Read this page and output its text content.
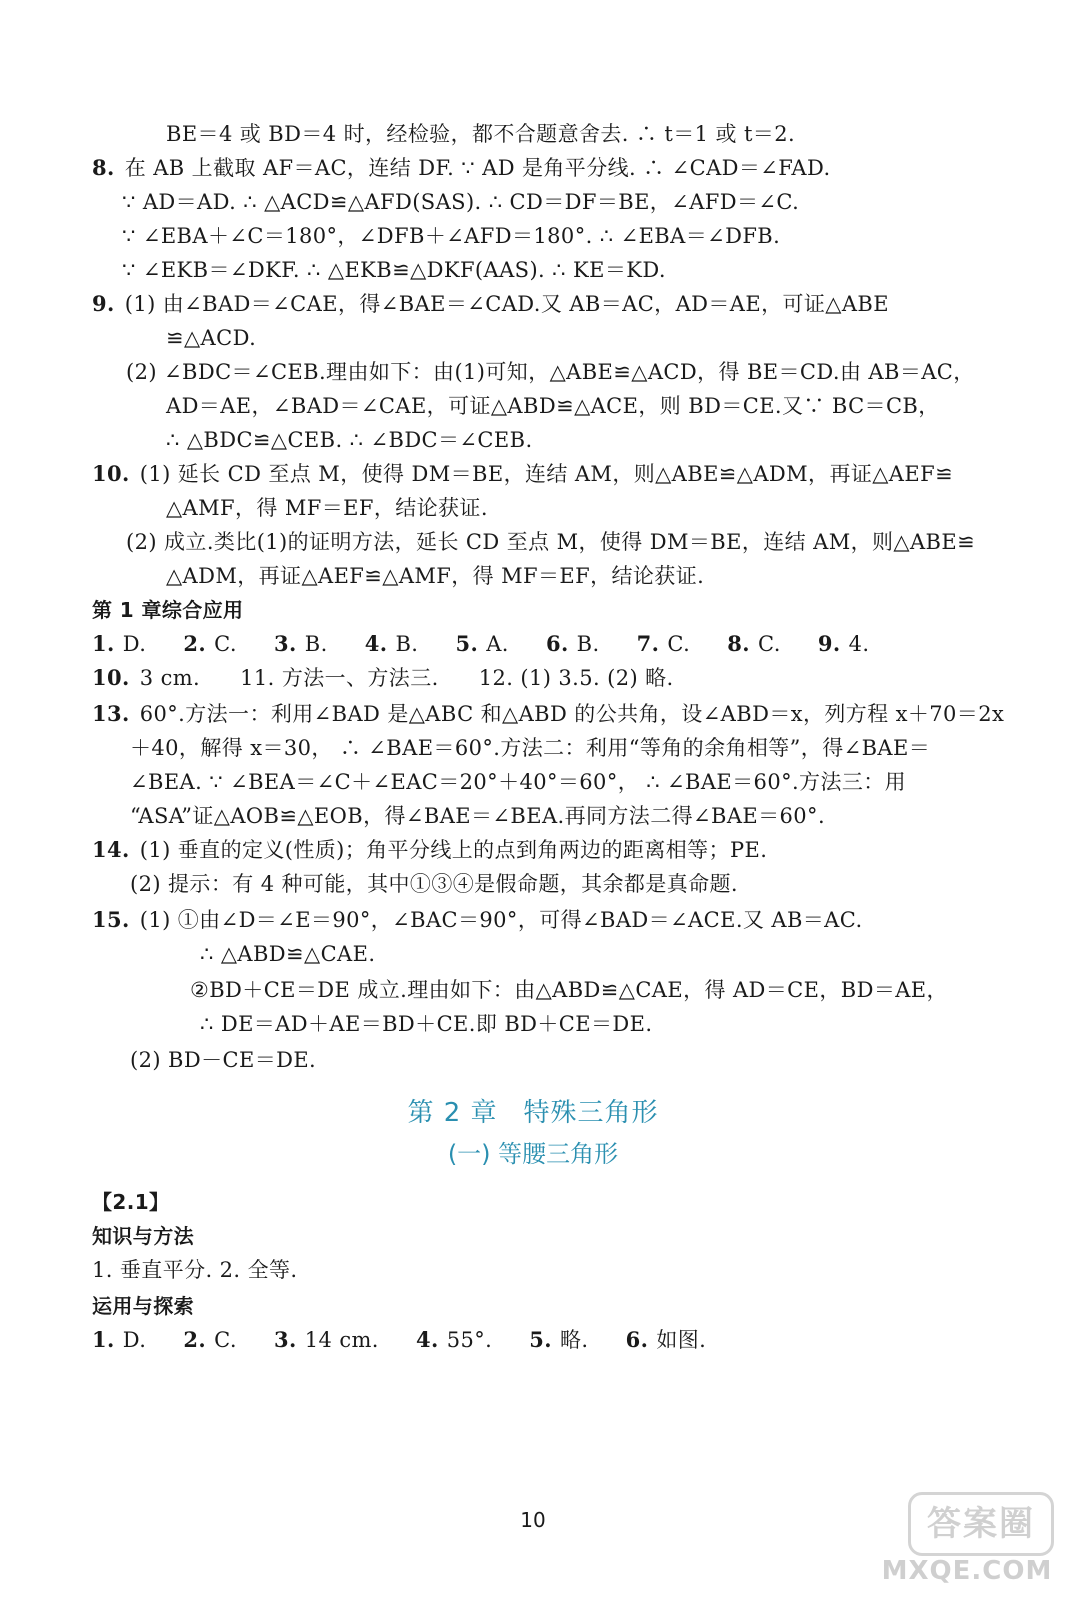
BE＝4 或 BD＝4 时，经检验，都不合题意舍去. ∴ t＝1 或 t＝2.
8. 在 AB 上截取 AF＝AC，连结 DF. ∵ AD 是角平分线. ∴ ∠CAD＝∠FAD.
∵ AD＝AD. ∴ △ACD≌△AFD(SAS). ∴ CD＝DF＝BE，∠AFD＝∠C.
∵ ∠EBA＋∠C＝180°，∠DFB＋∠AFD＝180°. ∴ ∠EBA＝∠DFB.
∵ ∠EKB＝∠DKF. ∴ △EKB≌△DKF(AAS). ∴ KE＝KD.
9. (1) 由∠BAD＝∠CAE，得∠BAE＝∠CAD.又 AB＝AC，AD＝AE，可证△ABE
≌△ACD.
(2) ∠BDC＝∠CEB.理由如下：由(1)可知，△ABE≌△ACD，得 BE＝CD.由 AB＝AC，
AD＝AE，∠BAD＝∠CAE，可证△ABD≌△ACE，则 BD＝CE.又∵ BC＝CB，
∴ △BDC≌△CEB. ∴ ∠BDC＝∠CEB.
10. (1) 延长 CD 至点 M，使得 DM＝BE，连结 AM，则△ABE≌△ADM，再证△AEF≌
△AMF，得 MF＝EF，结论获证.
(2) 成立.类比(1)的证明方法，延长 CD 至点 M，使得 DM＝BE，连结 AM，则△ABE≌
△ADM，再证△AEF≌△AMF，得 MF＝EF，结论获证.
第 1 章综合应用
1. D. 2. C. 3. B. 4. B. 5. A. 6. B. 7. C. 8. C. 9. 4.
10. 3 cm. 11. 方法一、方法三. 12. (1) 3.5. (2) 略.
13. 60°.方法一：利用∠BAD 是△ABC 和△ABD 的公共角，设∠ABD＝x，列方程 x＋70＝2x
＋40，解得 x＝30， ∴ ∠BAE＝60°.方法二：利用“等角的余角相等”，得∠BAE＝
∠BEA. ∵ ∠BEA＝∠C＋∠EAC＝20°＋40°＝60°， ∴ ∠BAE＝60°.方法三：用
“ASA”证△AOB≌△EOB，得∠BAE＝∠BEA.再同方法二得∠BAE＝60°.
14. (1) 垂直的定义(性质)；角平分线上的点到角两边的距离相等；PE.
(2) 提示：有 4 种可能，其中①③④是假命题，其余都是真命题.
15. (1) ①由∠D＝∠E＝90°，∠BAC＝90°，可得∠BAD＝∠ACE.又 AB＝AC.
∴ △ABD≌△CAE.
②BD＋CE＝DE 成立.理由如下：由△ABD≌△CAE，得 AD＝CE，BD＝AE，
∴ DE＝AD＋AE＝BD＋CE.即 BD＋CE＝DE.
(2) BD－CE＝DE.
第 2 章 特殊三角形
(一) 等腰三角形
【2.1】
知识与方法
1. 垂直平分. 2. 全等.
运用与探索
1. D. 2. C. 3. 14 cm. 4. 55°. 5. 略. 6. 如图.
10	答案圈
MXQE.COM
